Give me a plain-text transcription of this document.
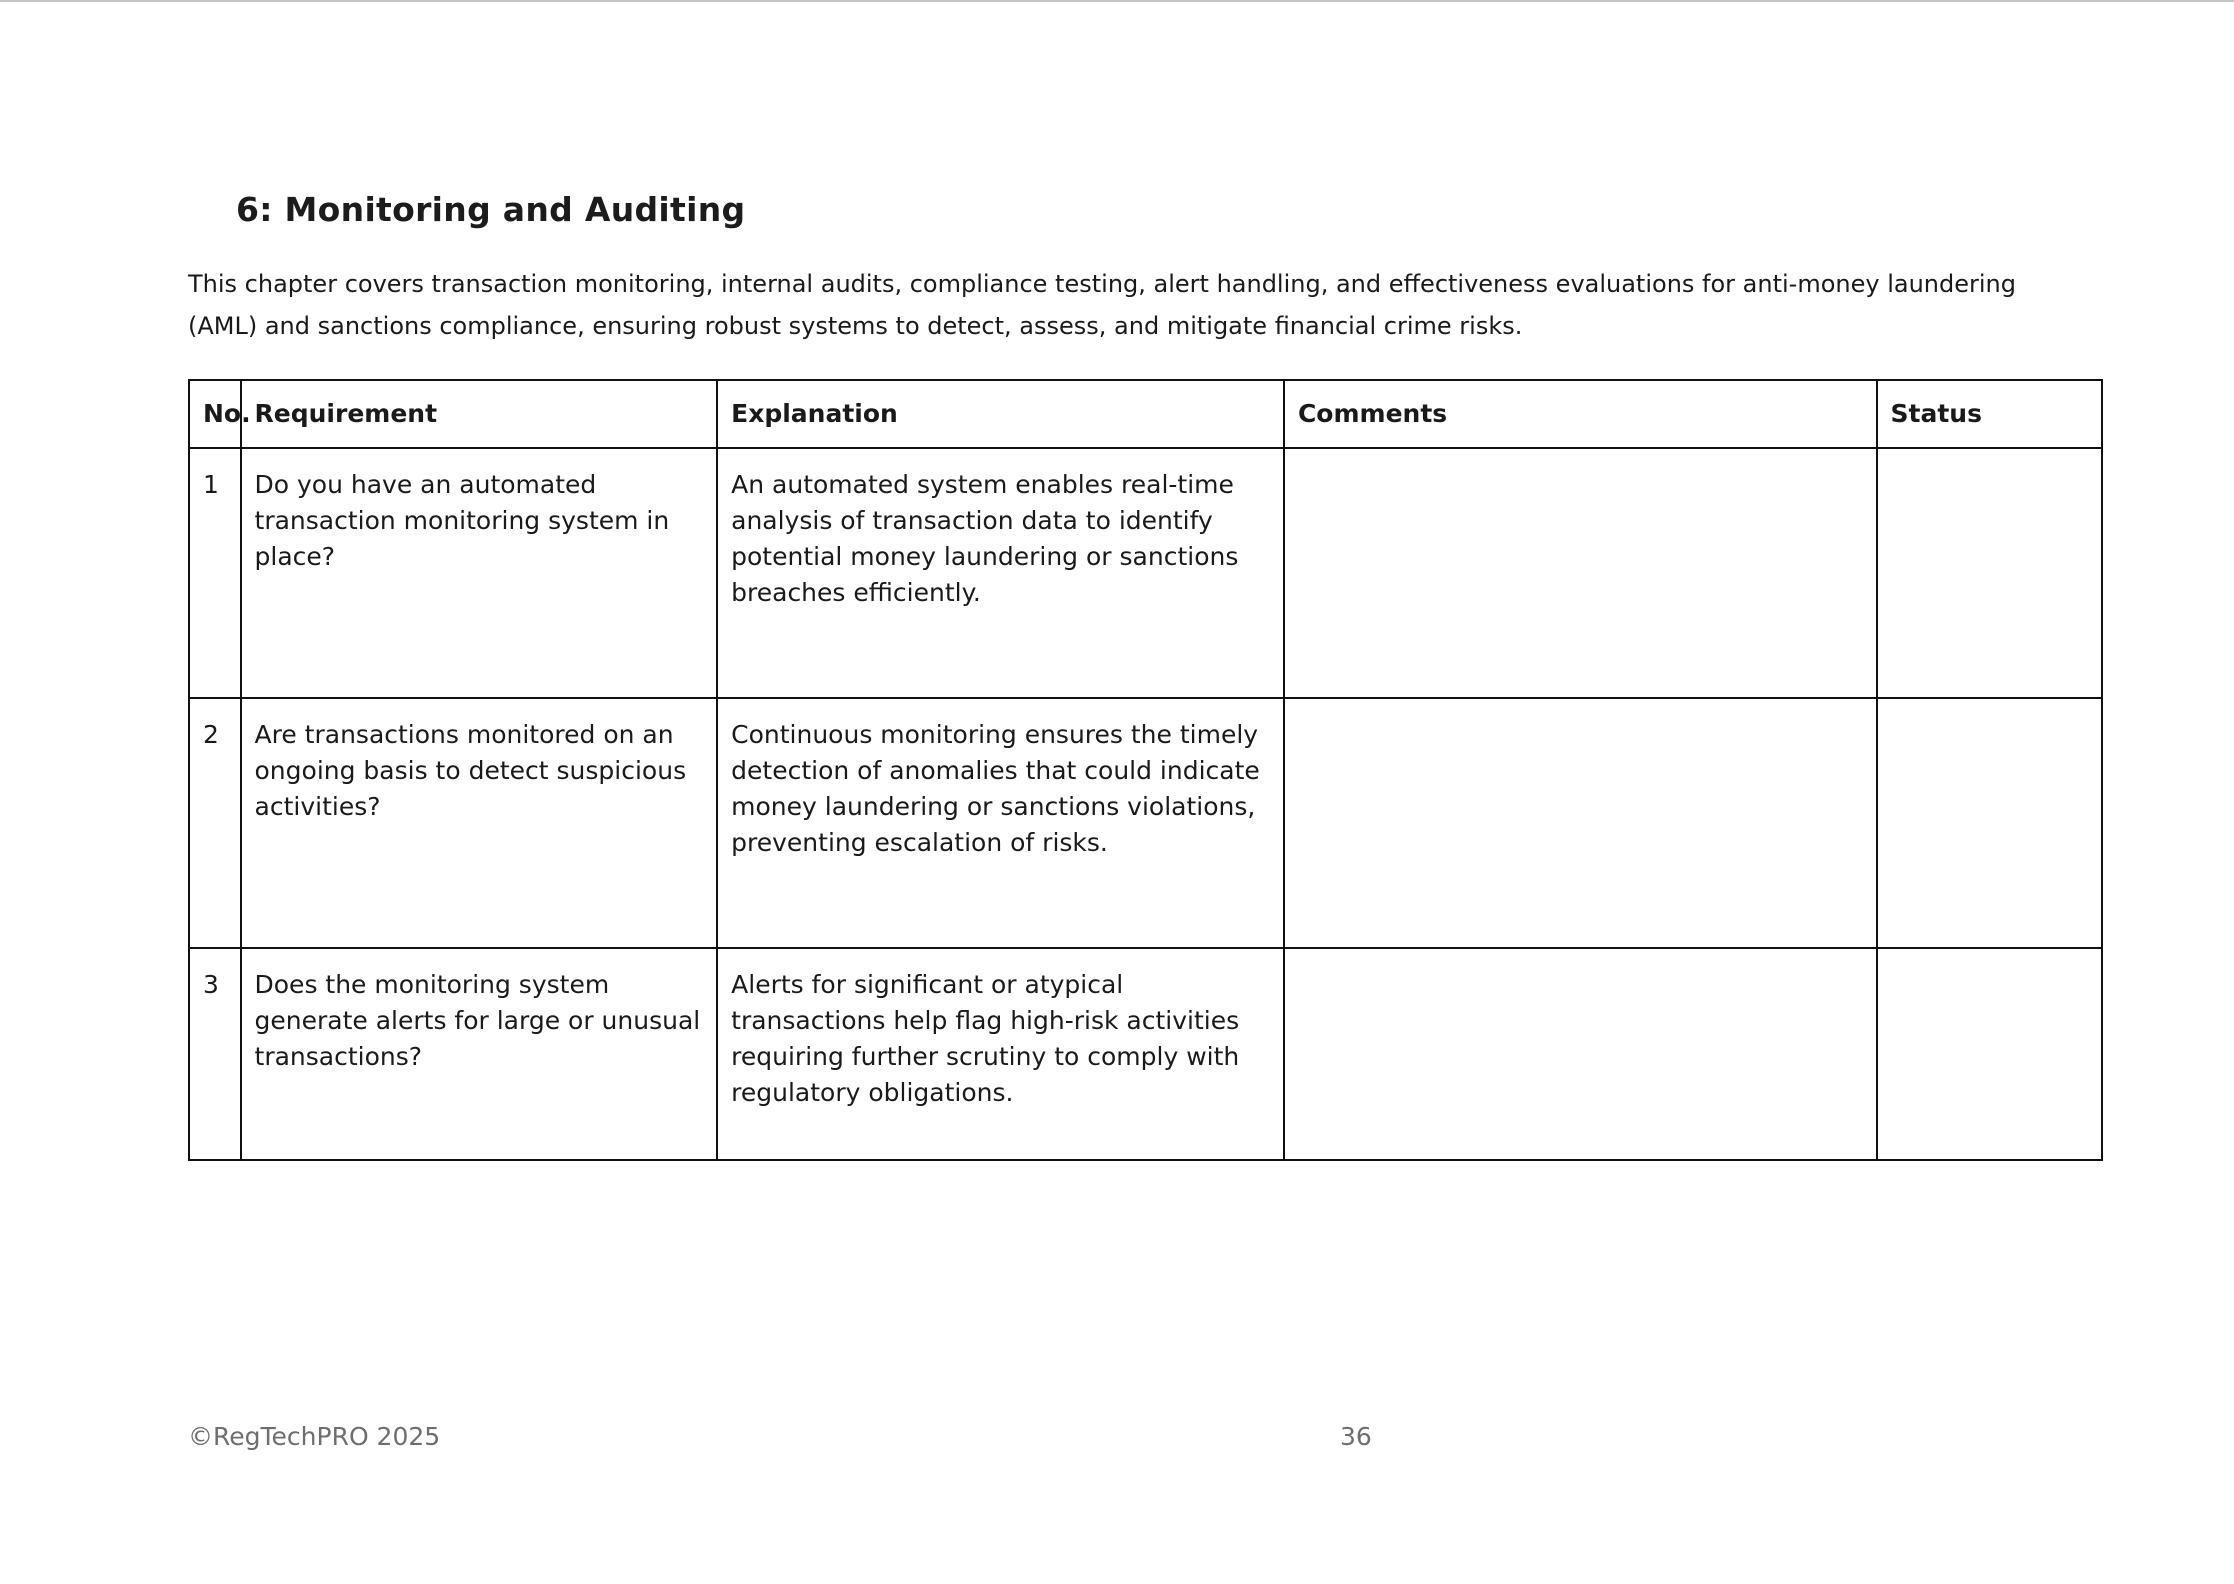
6: Monitoring and Auditing

This chapter covers transaction monitoring, internal audits, compliance testing, alert handling, and effectiveness evaluations for anti-money laundering (AML) and sanctions compliance, ensuring robust systems to detect, assess, and mitigate financial crime risks.

No.	Requirement	Explanation	Comments	Status
1	Do you have an automated transaction monitoring system in place?	An automated system enables real-time analysis of transaction data to identify potential money laundering or sanctions breaches efficiently.		
2	Are transactions monitored on an ongoing basis to detect suspicious activities?	Continuous monitoring ensures the timely detection of anomalies that could indicate money laundering or sanctions violations, preventing escalation of risks.		
3	Does the monitoring system generate alerts for large or unusual transactions?	Alerts for significant or atypical transactions help flag high-risk activities requiring further scrutiny to comply with regulatory obligations.		

©RegTechPRO 2025	36
